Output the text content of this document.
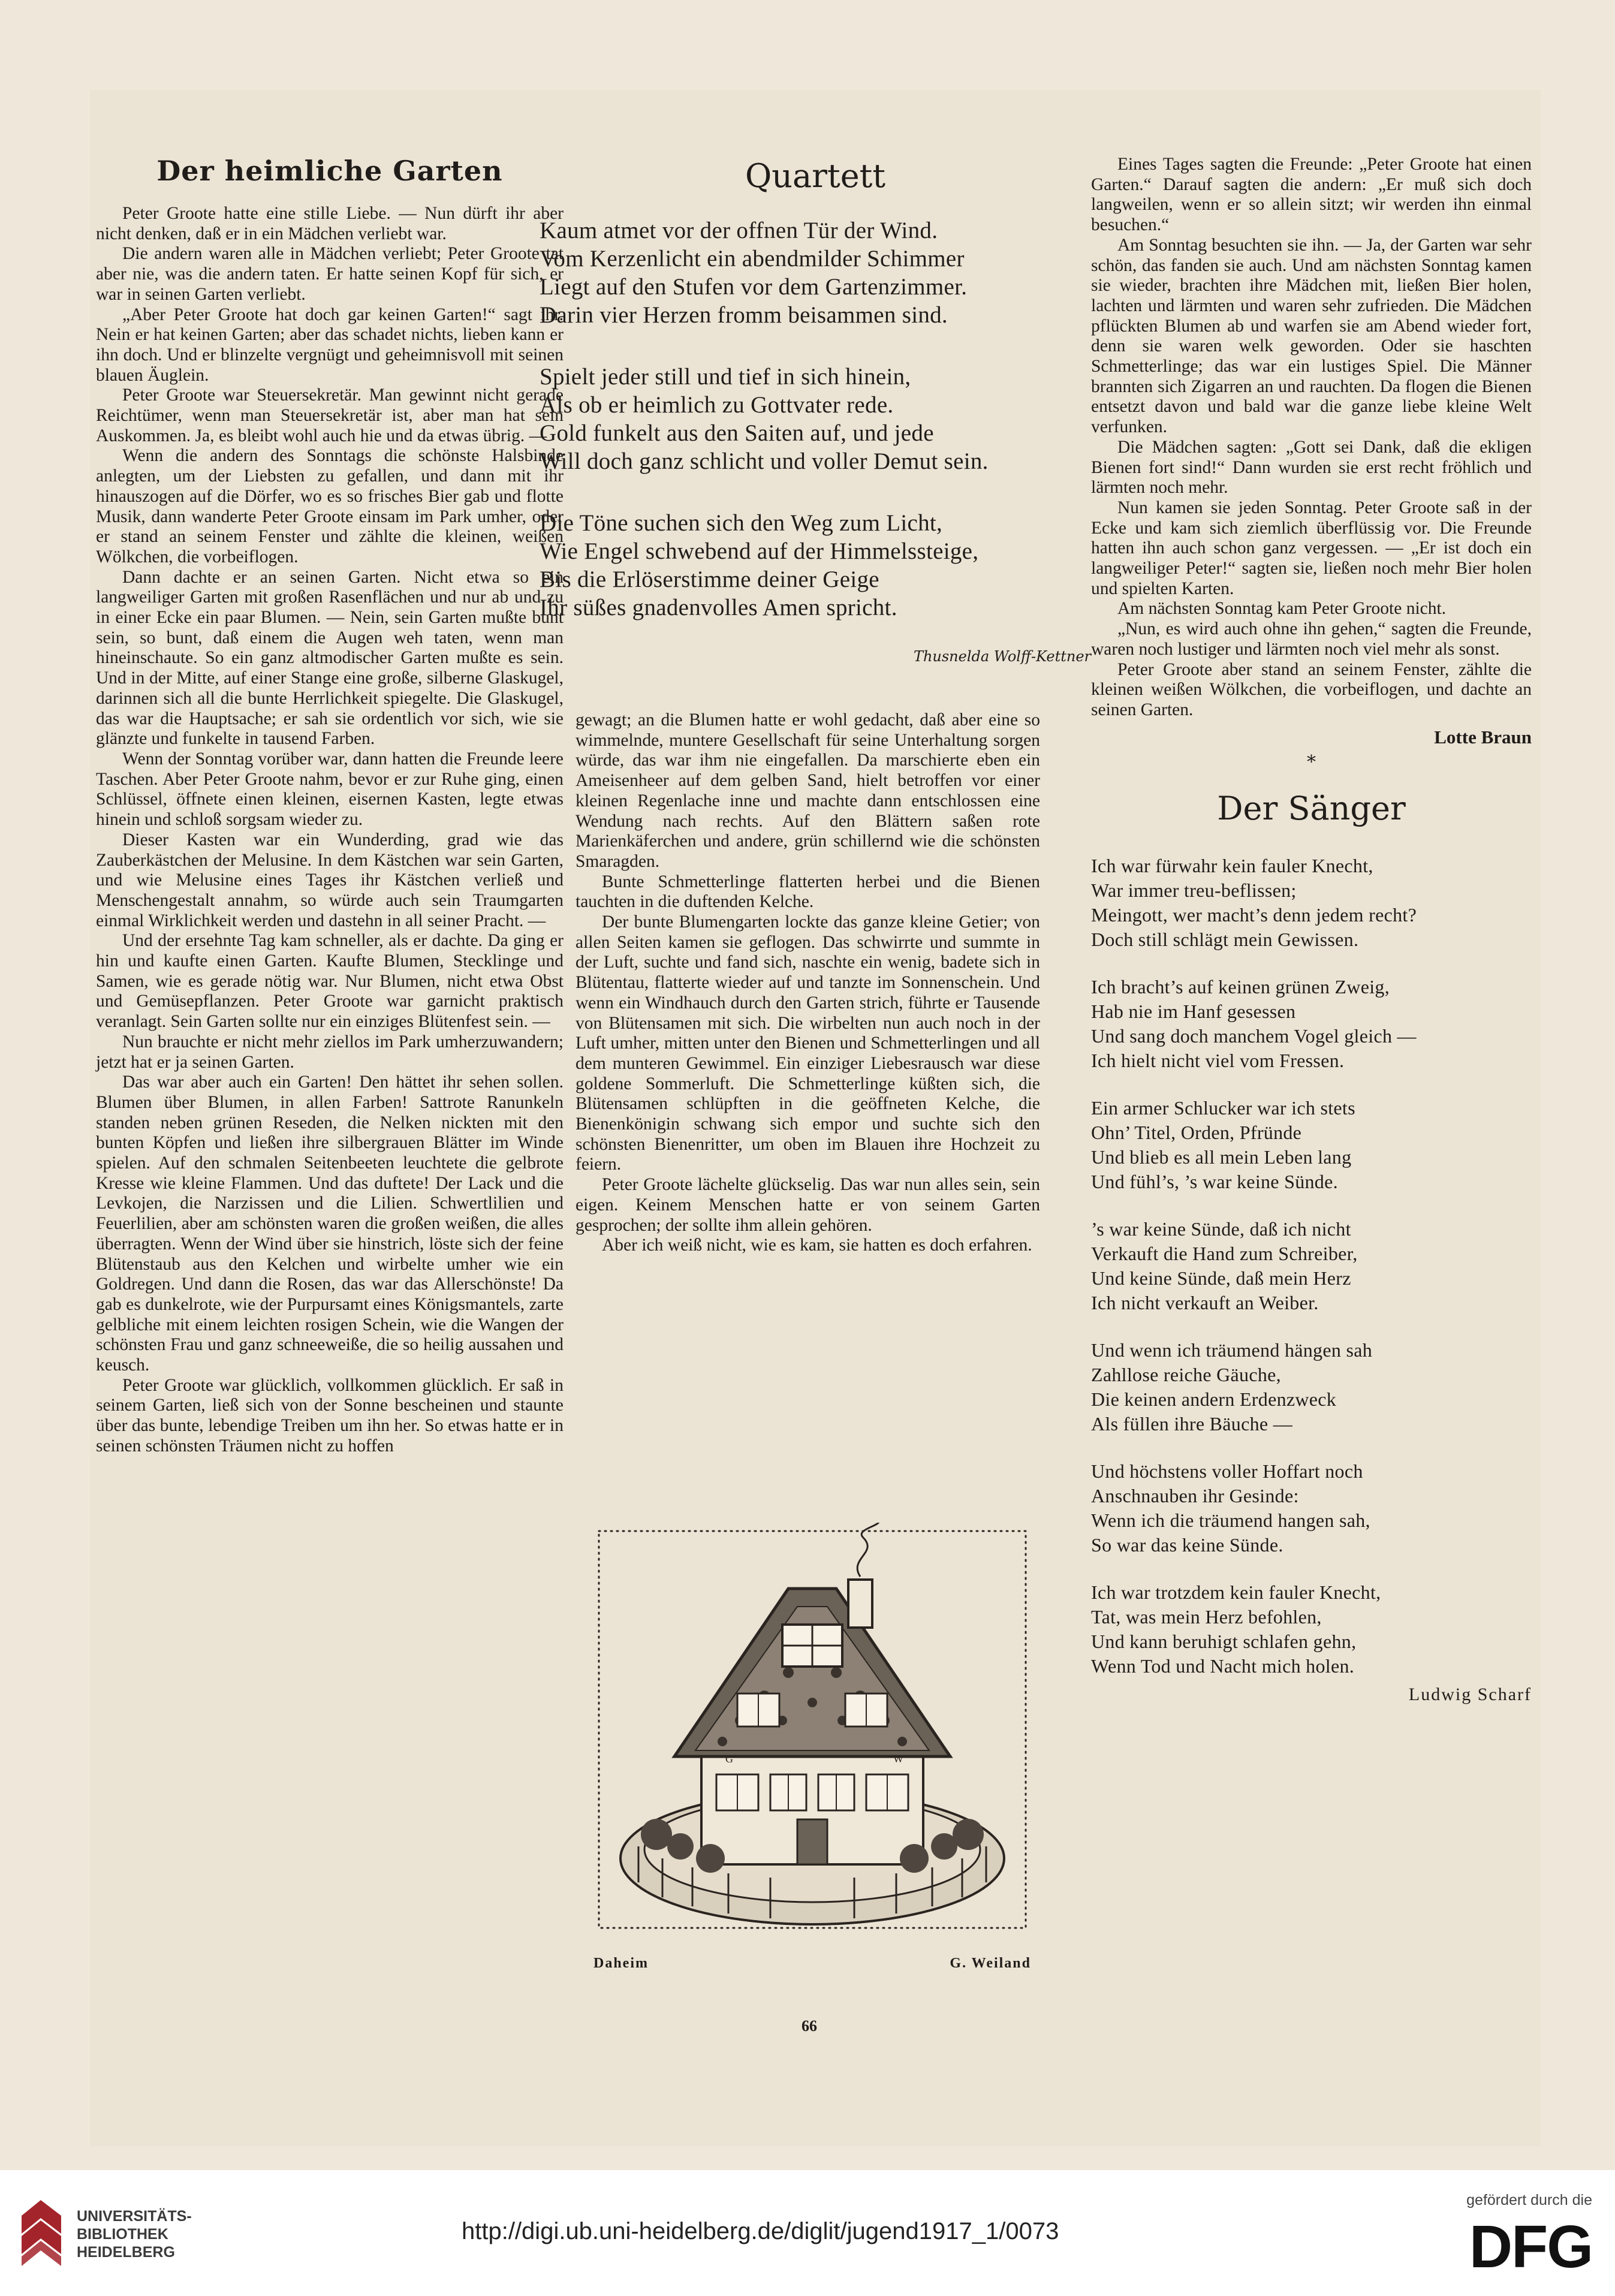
Der heimliche Garten

Peter Groote hatte eine stille Liebe. — Nun dürft ihr aber nicht denken, daß er in ein Mädchen verliebt war.

Die andern waren alle in Mädchen verliebt; Peter Groote tat aber nie, was die andern taten. Er hatte seinen Kopf für sich, er war in seinen Garten verliebt.

„Aber Peter Groote hat doch gar keinen Garten!“ sagt ihr. Nein er hat keinen Garten; aber das schadet nichts, lieben kann er ihn doch. Und er blinzelte vergnügt und geheimnisvoll mit seinen blauen Äuglein.

Peter Groote war Steuersekretär. Man gewinnt nicht gerade Reichtümer, wenn man Steuersekretär ist, aber man hat sein Auskommen. Ja, es bleibt wohl auch hie und da etwas übrig. —

Wenn die andern des Sonntags die schönste Halsbinde anlegten, um der Liebsten zu gefallen, und dann mit ihr hinauszogen auf die Dörfer, wo es so frisches Bier gab und flotte Musik, dann wanderte Peter Groote einsam im Park umher, oder er stand an seinem Fenster und zählte die kleinen, weißen Wölkchen, die vorbeiflogen.

Dann dachte er an seinen Garten. Nicht etwa so ein langweiliger Garten mit großen Rasenflächen und nur ab und zu in einer Ecke ein paar Blumen. — Nein, sein Garten mußte bunt sein, so bunt, daß einem die Augen weh taten, wenn man hineinschaute. So ein ganz altmodischer Garten mußte es sein. Und in der Mitte, auf einer Stange eine große, silberne Glaskugel, darinnen sich all die bunte Herrlichkeit spiegelte. Die Glaskugel, das war die Hauptsache; er sah sie ordentlich vor sich, wie sie glänzte und funkelte in tausend Farben.

Wenn der Sonntag vorüber war, dann hatten die Freunde leere Taschen. Aber Peter Groote nahm, bevor er zur Ruhe ging, einen Schlüssel, öffnete einen kleinen, eisernen Kasten, legte etwas hinein und schloß sorgsam wieder zu.

Dieser Kasten war ein Wunderding, grad wie das Zauberkästchen der Melusine. In dem Kästchen war sein Garten, und wie Melusine eines Tages ihr Kästchen verließ und Menschengestalt annahm, so würde auch sein Traumgarten einmal Wirklichkeit werden und dastehn in all seiner Pracht. —

Und der ersehnte Tag kam schneller, als er dachte. Da ging er hin und kaufte einen Garten. Kaufte Blumen, Stecklinge und Samen, wie es gerade nötig war. Nur Blumen, nicht etwa Obst und Gemüsepflanzen. Peter Groote war garnicht praktisch veranlagt. Sein Garten sollte nur ein einziges Blütenfest sein. —

Nun brauchte er nicht mehr ziellos im Park umherzuwandern; jetzt hat er ja seinen Garten.

Das war aber auch ein Garten! Den hättet ihr sehen sollen. Blumen über Blumen, in allen Farben! Sattrote Ranunkeln standen neben grünen Reseden, die Nelken nickten mit den bunten Köpfen und ließen ihre silbergrauen Blätter im Winde spielen. Auf den schmalen Seitenbeeten leuchtete die gelbrote Kresse wie kleine Flammen. Und das duftete! Der Lack und die Levkojen, die Narzissen und die Lilien. Schwertlilien und Feuerlilien, aber am schönsten waren die großen weißen, die alles überragten. Wenn der Wind über sie hinstrich, löste sich der feine Blütenstaub aus den Kelchen und wirbelte umher wie ein Goldregen. Und dann die Rosen, das war das Allerschönste! Da gab es dunkelrote, wie der Purpursamt eines Königsmantels, zarte gelbliche mit einem leichten rosigen Schein, wie die Wangen der schönsten Frau und ganz schneeweiße, die so heilig aussahen und keusch.

Peter Groote war glücklich, vollkommen glücklich. Er saß in seinem Garten, ließ sich von der Sonne bescheinen und staunte über das bunte, lebendige Treiben um ihn her. So etwas hatte er in seinen schönsten Träumen nicht zu hoffen

Quartett
Kaum atmet vor der offnen Tür der Wind.
Vom Kerzenlicht ein abendmilder Schimmer
Liegt auf den Stufen vor dem Gartenzimmer.
Darin vier Herzen fromm beisammen sind.
Spielt jeder still und tief in sich hinein,
Als ob er heimlich zu Gottvater rede.
Gold funkelt aus den Saiten auf, und jede
Will doch ganz schlicht und voller Demut sein.
Die Töne suchen sich den Weg zum Licht,
Wie Engel schwebend auf der Himmelssteige,
Bis die Erlöserstimme deiner Geige
Ihr süßes gnadenvolles Amen spricht.
Thusnelda Wolff-Kettner

gewagt; an die Blumen hatte er wohl gedacht, daß aber eine so wimmelnde, muntere Gesellschaft für seine Unterhaltung sorgen würde, das war ihm nie eingefallen. Da marschierte eben ein Ameisenheer auf dem gelben Sand, hielt betroffen vor einer kleinen Regenlache inne und machte dann entschlossen eine Wendung nach rechts. Auf den Blättern saßen rote Marienkäferchen und andere, grün schillernd wie die schönsten Smaragden.

Bunte Schmetterlinge flatterten herbei und die Bienen tauchten in die duftenden Kelche.

Der bunte Blumengarten lockte das ganze kleine Getier; von allen Seiten kamen sie geflogen. Das schwirrte und summte in der Luft, suchte und fand sich, naschte ein wenig, badete sich in Blütentau, flatterte wieder auf und tanzte im Sonnenschein. Und wenn ein Windhauch durch den Garten strich, führte er Tausende von Blütensamen mit sich. Die wirbelten nun auch noch in der Luft umher, mitten unter den Bienen und Schmetterlingen und all dem munteren Gewimmel. Ein einziger Liebesrausch war diese goldene Sommerluft. Die Schmetterlinge küßten sich, die Blütensamen schlüpften in die geöffneten Kelche, die Bienenkönigin schwang sich empor und suchte sich den schönsten Bienenritter, um oben im Blauen ihre Hochzeit zu feiern.

Peter Groote lächelte glückselig. Das war nun alles sein, sein eigen. Keinem Menschen hatte er von seinem Garten gesprochen; der sollte ihm allein gehören.

Aber ich weiß nicht, wie es kam, sie hatten es doch erfahren.

Eines Tages sagten die Freunde: „Peter Groote hat einen Garten.“ Darauf sagten die andern: „Er muß sich doch langweilen, wenn er so allein sitzt; wir werden ihn einmal besuchen.“

Am Sonntag besuchten sie ihn. — Ja, der Garten war sehr schön, das fanden sie auch. Und am nächsten Sonntag kamen sie wieder, brachten ihre Mädchen mit, ließen Bier holen, lachten und lärmten und waren sehr zufrieden. Die Mädchen pflückten Blumen ab und warfen sie am Abend wieder fort, denn sie waren welk geworden. Oder sie haschten Schmetterlinge; das war ein lustiges Spiel. Die Männer brannten sich Zigarren an und rauchten. Da flogen die Bienen entsetzt davon und bald war die ganze liebe kleine Welt verfunken.

Die Mädchen sagten: „Gott sei Dank, daß die ekligen Bienen fort sind!“ Dann wurden sie erst recht fröhlich und lärmten noch mehr.

Nun kamen sie jeden Sonntag. Peter Groote saß in der Ecke und kam sich ziemlich überflüssig vor. Die Freunde hatten ihn auch schon ganz vergessen. — „Er ist doch ein langweiliger Peter!“ sagten sie, ließen noch mehr Bier holen und spielten Karten.

Am nächsten Sonntag kam Peter Groote nicht.

„Nun, es wird auch ohne ihn gehen,“ sagten die Freunde, waren noch lustiger und lärmten noch viel mehr als sonst.

Peter Groote aber stand an seinem Fenster, zählte die kleinen weißen Wölkchen, die vorbeiflogen, und dachte an seinen Garten.

Lotte Braun
*
Der Sänger
Ich war fürwahr kein fauler Knecht,
War immer treu-beflissen;
Meingott, wer macht’s denn jedem recht?
Doch still schlägt mein Gewissen.
Ich bracht’s auf keinen grünen Zweig,
Hab nie im Hanf gesessen
Und sang doch manchem Vogel gleich —
Ich hielt nicht viel vom Fressen.
Ein armer Schlucker war ich stets
Ohn’ Titel, Orden, Pfründe
Und blieb es all mein Leben lang
Und fühl’s, ’s war keine Sünde.
’s war keine Sünde, daß ich nicht
Verkauft die Hand zum Schreiber,
Und keine Sünde, daß mein Herz
Ich nicht verkauft an Weiber.
Und wenn ich träumend hängen sah
Zahllose reiche Gäuche,
Die keinen andern Erdenzweck
Als füllen ihre Bäuche —
Und höchstens voller Hoffart noch
Anschnauben ihr Gesinde:
Wenn ich die träumend hangen sah,
So war das keine Sünde.
Ich war trotzdem kein fauler Knecht,
Tat, was mein Herz befohlen,
Und kann beruhigt schlafen gehn,
Wenn Tod und Nacht mich holen.
Ludwig Scharf
G	W
Daheim	G. Weiland
66
UNIVERSITÄTS-
BIBLIOTHEK
HEIDELBERG
http://digi.ub.uni-heidelberg.de/diglit/jugend1917_1/0073
gefördert durch die
DFG
